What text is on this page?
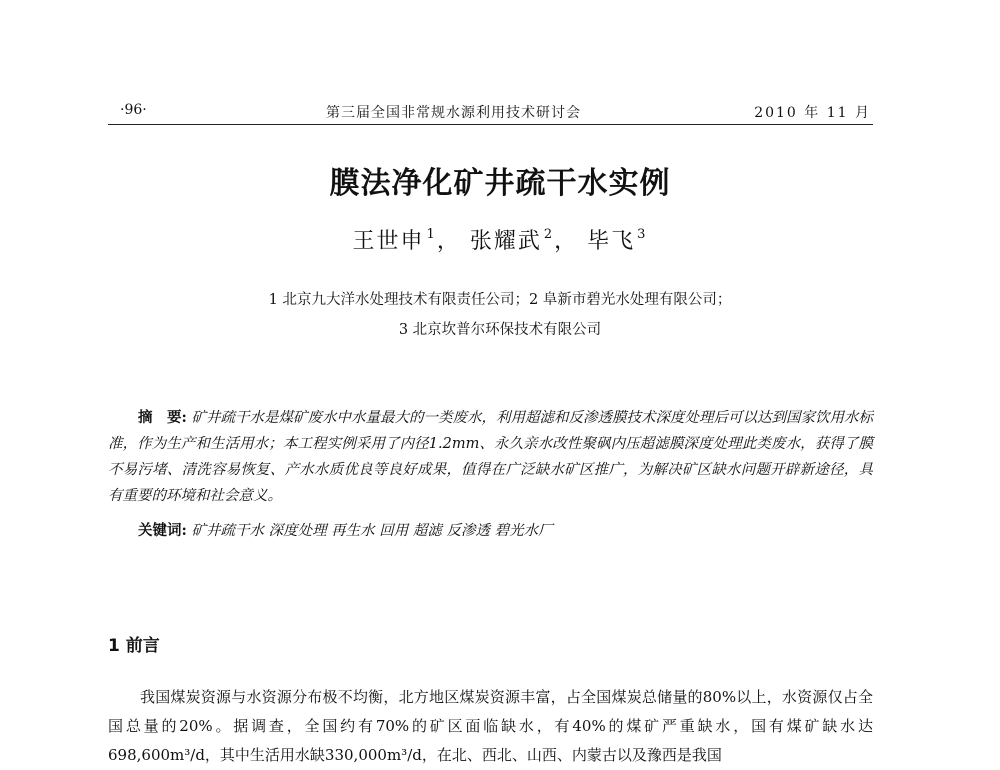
·96·	第三届全国非常规水源利用技术研讨会	2010 年 11 月
膜法净化矿井疏干水实例
王世申 $^1$， 张耀武 $^2$， 毕飞 $^3$
1 北京九大洋水处理技术有限责任公司；2 阜新市碧光水处理有限公司；
3 北京坎普尔环保技术有限公司
摘　要: 矿井疏干水是煤矿废水中水量最大的一类废水，利用超滤和反渗透膜技术深度处理后可以达到国家饮用水标准，作为生产和生活用水；本工程实例采用了内径1.2mm、永久亲水改性聚砜内压超滤膜深度处理此类废水，获得了膜不易污堵、清洗容易恢复、产水水质优良等良好成果，值得在广泛缺水矿区推广，为解决矿区缺水问题开辟新途径，具有重要的环境和社会意义。
关键词: 矿井疏干水 深度处理 再生水 回用 超滤 反渗透 碧光水厂
1 前言
我国煤炭资源与水资源分布极不均衡，北方地区煤炭资源丰富，占全国煤炭总储量的80%以上，水资源仅占全国总量的20%。据调查，全国约有70%的矿区面临缺水，有40%的煤矿严重缺水，国有煤矿缺水达698,600m³/d，其中生活用水缺330,000m³/d，在北、西北、山西、内蒙古以及豫西是我国
